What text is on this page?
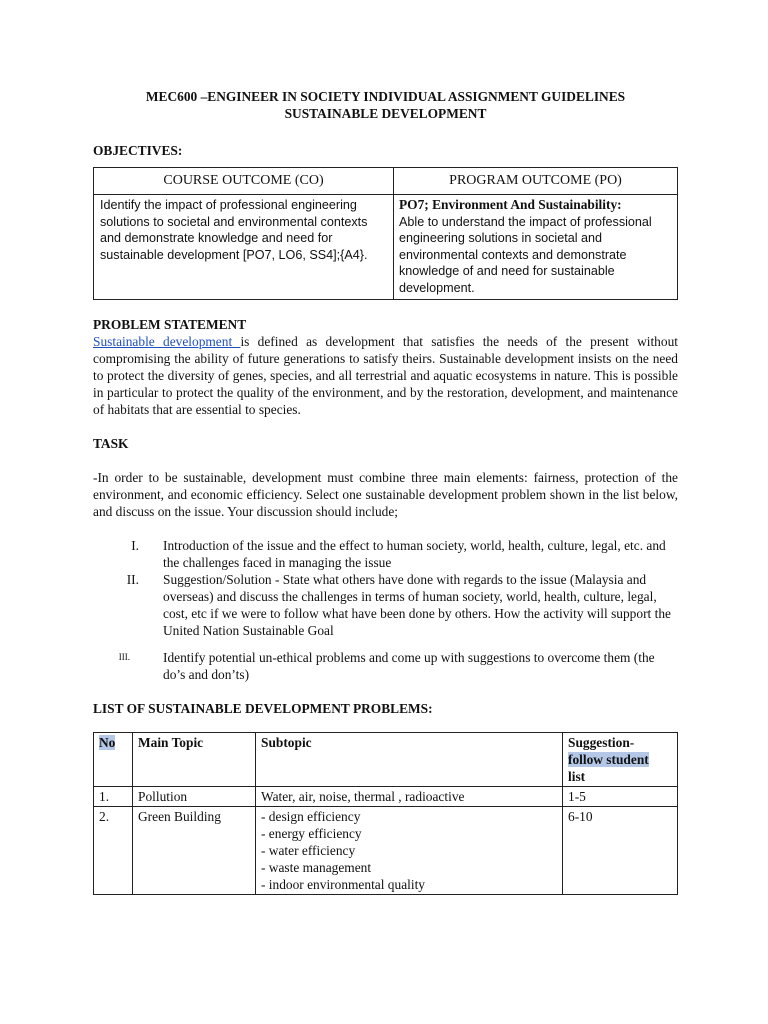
MEC600 –ENGINEER IN SOCIETY INDIVIDUAL ASSIGNMENT GUIDELINES
SUSTAINABLE DEVELOPMENT
OBJECTIVES:
COURSE OUTCOME (CO)	PROGRAM OUTCOME (PO)
Identify the impact of professional engineering solutions to societal and environmental contexts and demonstrate knowledge and need for sustainable development [PO7, LO6, SS4];{A4}.	PO7; Environment And Sustainability:
Able to understand the impact of professional engineering solutions in societal and environmental contexts and demonstrate knowledge of and need for sustainable development.
PROBLEM STATEMENT
Sustainable development is defined as development that satisfies the needs of the present without compromising the ability of future generations to satisfy theirs. Sustainable development insists on the need to protect the diversity of genes, species, and all terrestrial and aquatic ecosystems in nature. This is possible in particular to protect the quality of the environment, and by the restoration, development, and maintenance of habitats that are essential to species.
TASK
-In order to be sustainable, development must combine three main elements: fairness, protection of the environment, and economic efficiency. Select one sustainable development problem shown in the list below, and discuss on the issue. Your discussion should include;
I. Introduction of the issue and the effect to human society, world, health, culture, legal, etc. and the challenges faced in managing the issue
II. Suggestion/Solution - State what others have done with regards to the issue (Malaysia and overseas) and discuss the challenges in terms of human society, world, health, culture, legal, cost, etc if we were to follow what have been done by others. How the activity will support the United Nation Sustainable Goal
III. Identify potential un-ethical problems and come up with suggestions to overcome them (the do’s and don’ts)
LIST OF SUSTAINABLE DEVELOPMENT PROBLEMS:
No	Main Topic	Subtopic	Suggestion-
follow student
list

1.	Pollution	Water, air, noise, thermal , radioactive	1-5
2.	Green Building	- design efficiency
- energy efficiency
- water efficiency
- waste management
- indoor environmental quality	6-10
